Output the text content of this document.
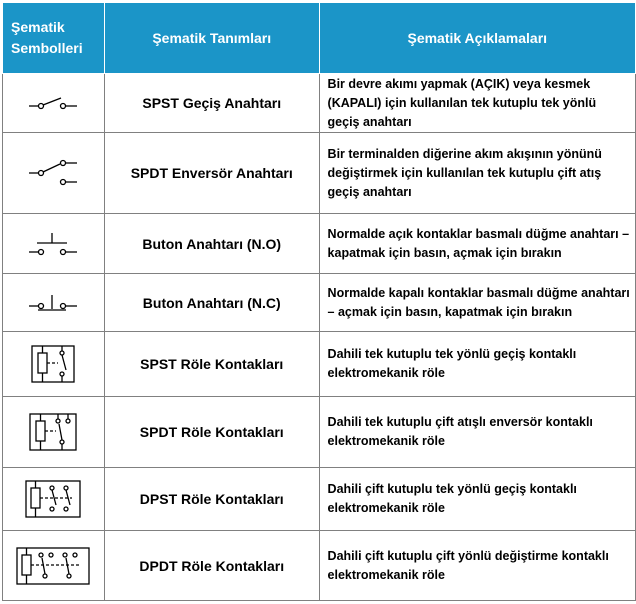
Şematik Sembolleri	Şematik Tanımları	Şematik Açıklamaları

	SPST Geçiş Anahtarı	Bir devre akımı yapmak (AÇIK) veya kesmek (KAPALI) için kullanılan tek kutuplu tek yönlü geçiş anahtarı

	SPDT Enversör Anahtarı	Bir terminalden diğerine akım akışının yönünü değiştirmek için kullanılan tek kutuplu çift atış geçiş anahtarı

	Buton Anahtarı (N.O)	Normalde açık kontaklar basmalı düğme anahtarı – kapatmak için basın, açmak için bırakın

	Buton Anahtarı (N.C)	Normalde kapalı kontaklar basmalı düğme anahtarı – açmak için basın, kapatmak için bırakın

	SPST Röle Kontakları	Dahili tek kutuplu tek yönlü geçiş kontaklı elektromekanik röle

	SPDT Röle Kontakları	Dahili tek kutuplu çift atışlı enversör kontaklı elektromekanik röle

	DPST Röle Kontakları	Dahili çift kutuplu tek yönlü geçiş kontaklı elektromekanik röle

	DPDT Röle Kontakları	Dahili çift kutuplu çift yönlü değiştirme kontaklı elektromekanik röle
